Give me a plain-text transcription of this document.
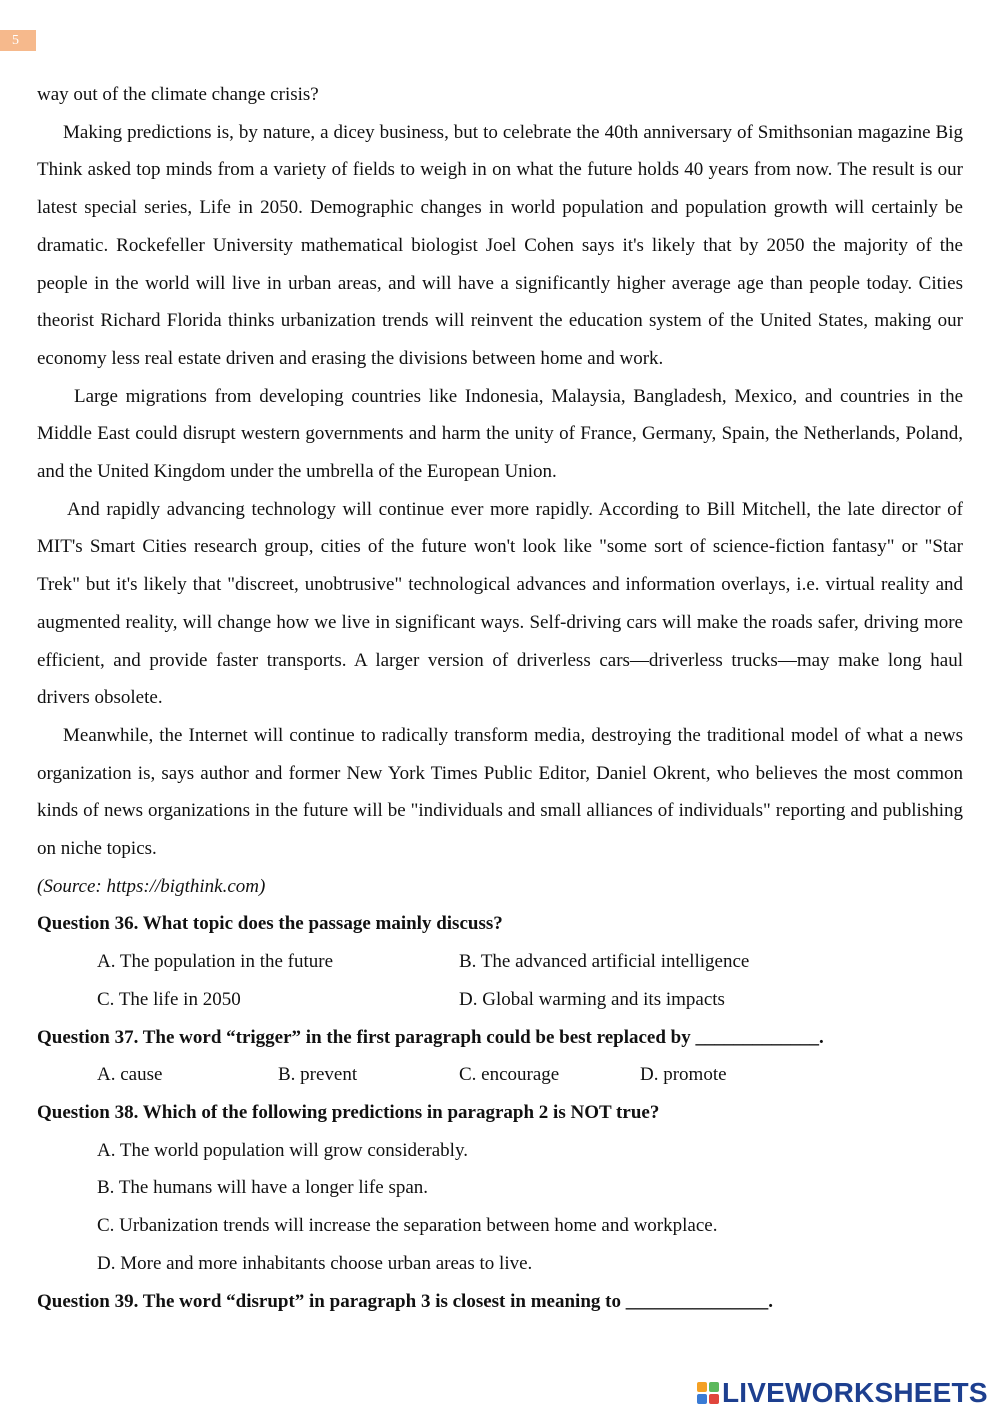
5

way out of the climate change crisis?

Making predictions is, by nature, a dicey business, but to celebrate the 40th anniversary of Smithsonian magazine Big Think asked top minds from a variety of fields to weigh in on what the future holds 40 years from now. The result is our latest special series, Life in 2050. Demographic changes in world population and population growth will certainly be dramatic. Rockefeller University mathematical biologist Joel Cohen says it's likely that by 2050 the majority of the people in the world will live in urban areas, and will have a significantly higher average age than people today. Cities theorist Richard Florida thinks urbanization trends will reinvent the education system of the United States, making our economy less real estate driven and erasing the divisions between home and work.

Large migrations from developing countries like Indonesia, Malaysia, Bangladesh, Mexico, and countries in the Middle East could disrupt western governments and harm the unity of France, Germany, Spain, the Netherlands, Poland, and the United Kingdom under the umbrella of the European Union.

And rapidly advancing technology will continue ever more rapidly. According to Bill Mitchell, the late director of MIT's Smart Cities research group, cities of the future won't look like "some sort of science-fiction fantasy" or "Star Trek" but it's likely that "discreet, unobtrusive" technological advances and information overlays, i.e. virtual reality and augmented reality, will change how we live in significant ways. Self-driving cars will make the roads safer, driving more efficient, and provide faster transports. A larger version of driverless cars—driverless trucks—may make long haul drivers obsolete.

Meanwhile, the Internet will continue to radically transform media, destroying the traditional model of what a news organization is, says author and former New York Times Public Editor, Daniel Okrent, who believes the most common kinds of news organizations in the future will be "individuals and small alliances of individuals" reporting and publishing on niche topics.

(Source: https://bigthink.com)

Question 36. What topic does the passage mainly discuss?

A. The population in the future	B. The advanced artificial intelligence
C. The life in 2050	D. Global warming and its impacts

Question 37. The word “trigger” in the first paragraph could be best replaced by _____________.

A. cause	B. prevent	C. encourage	D. promote

Question 38. Which of the following predictions in paragraph 2 is NOT true?

A. The world population will grow considerably.

B. The humans will have a longer life span.

C. Urbanization trends will increase the separation between home and workplace.

D. More and more inhabitants choose urban areas to live.

Question 39. The word “disrupt” in paragraph 3 is closest in meaning to _______________.

LIVEWORKSHEETS
